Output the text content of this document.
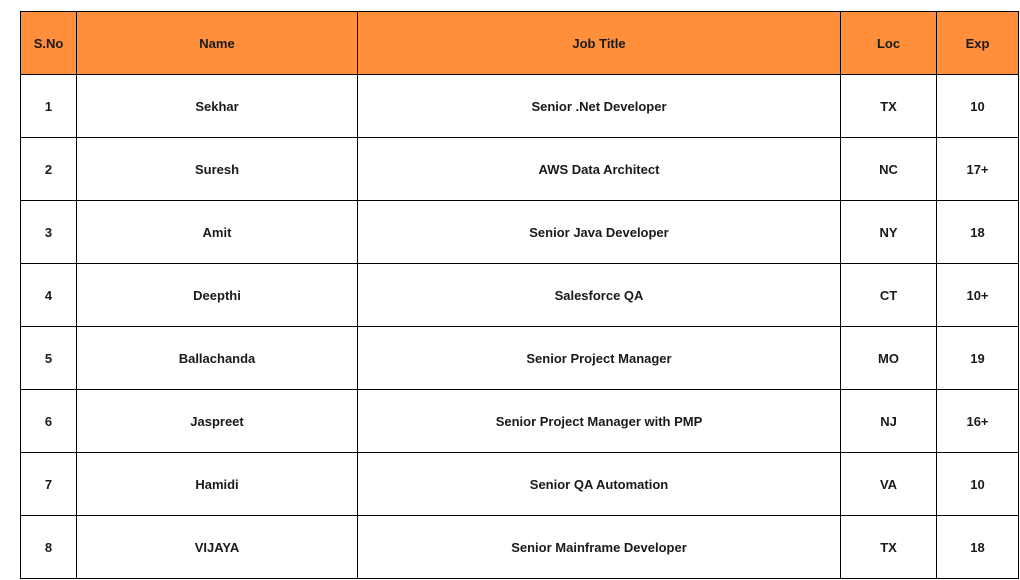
S.No	Name	Job Title	Loc	Exp
1	Sekhar	Senior .Net Developer	TX	10
2	Suresh	AWS Data Architect	NC	17+
3	Amit	Senior Java Developer	NY	18
4	Deepthi	Salesforce QA	CT	10+
5	Ballachanda	Senior Project Manager	MO	19
6	Jaspreet	Senior Project Manager with PMP	NJ	16+
7	Hamidi	Senior QA Automation	VA	10
8	VIJAYA	Senior Mainframe Developer	TX	18
